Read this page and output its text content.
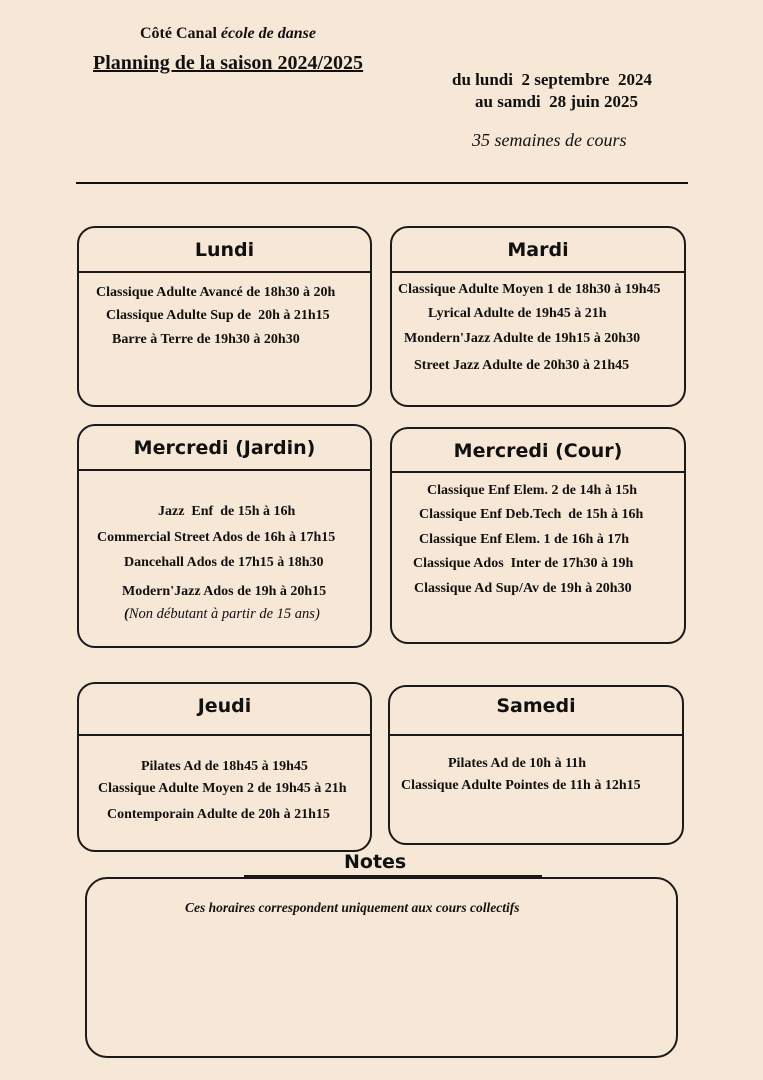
Côté Canal école de danse
Planning de la saison 2024/2025
du lundi  2 septembre  2024
au samdi  28 juin 2025
35 semaines de cours
Lundi
Classique Adulte Avancé de 18h30 à 20h
Classique Adulte Sup de  20h à 21h15
Barre à Terre de 19h30 à 20h30
Mardi
Classique Adulte Moyen 1 de 18h30 à 19h45
Lyrical Adulte de 19h45 à 21h
Mondern'Jazz Adulte de 19h15 à 20h30
Street Jazz Adulte de 20h30 à 21h45
Mercredi (Jardin)
Jazz  Enf  de 15h à 16h
Commercial Street Ados de 16h à 17h15
Dancehall Ados de 17h15 à 18h30
Modern'Jazz Ados de 19h à 20h15
(Non débutant à partir de 15 ans)
Mercredi (Cour)
Classique Enf Elem. 2 de 14h à 15h
Classique Enf Deb.Tech  de 15h à 16h
Classique Enf Elem. 1 de 16h à 17h
Classique Ados  Inter de 17h30 à 19h
Classique Ad Sup/Av de 19h à 20h30
Jeudi
Pilates Ad de 18h45 à 19h45
Classique Adulte Moyen 2 de 19h45 à 21h
Contemporain Adulte de 20h à 21h15
Samedi
Pilates Ad de 10h à 11h
Classique Adulte Pointes de 11h à 12h15
Notes
Ces horaires correspondent uniquement aux cours collectifs
